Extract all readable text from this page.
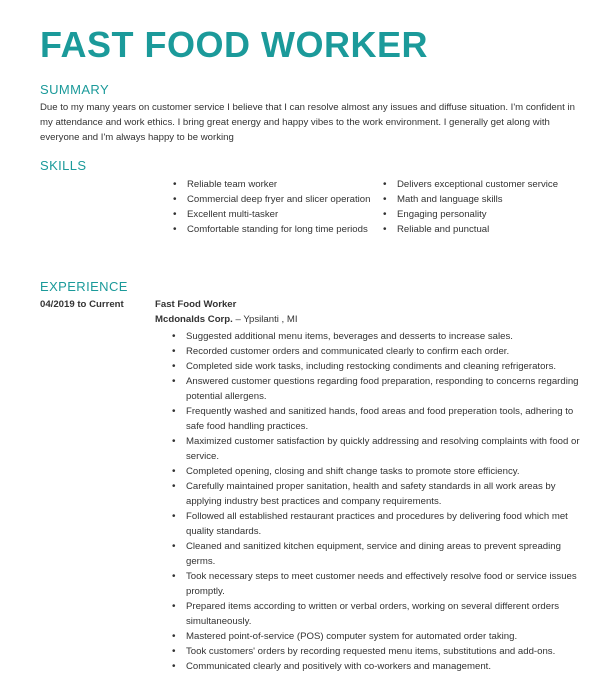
FAST FOOD WORKER
SUMMARY

Due to my many years on customer service I believe that I can resolve almost any issues and diffuse situation. I'm confident in my attendance and work ethics. I bring great energy and happy vibes to the work environment. I generally get along with everyone and I'm always happy to be working

SKILLS
• Reliable team worker
• Commercial deep fryer and slicer operation
• Excellent multi-tasker
• Comfortable standing for long time periods
• Delivers exceptional customer service
• Math and language skills
• Engaging personality
• Reliable and punctual
EXPERIENCE
04/2019 to Current	Fast Food Worker
Mcdonalds Corp. – Ypsilanti , MI
• Suggested additional menu items, beverages and desserts to increase sales.
• Recorded customer orders and communicated clearly to confirm each order.
• Completed side work tasks, including restocking condiments and cleaning refrigerators.
• Answered customer questions regarding food preparation, responding to concerns regarding potential allergens.
• Frequently washed and sanitized hands, food areas and food preperation tools, adhering to safe food handling practices.
• Maximized customer satisfaction by quickly addressing and resolving complaints with food or service.
• Completed opening, closing and shift change tasks to promote store efficiency.
• Carefully maintained proper sanitation, health and safety standards in all work areas by applying industry best practices and company requirements.
• Followed all established restaurant practices and procedures by delivering food which met quality standards.
• Cleaned and sanitized kitchen equipment, service and dining areas to prevent spreading germs.
• Took necessary steps to meet customer needs and effectively resolve food or service issues promptly.
• Prepared items according to written or verbal orders, working on several different orders simultaneously.
• Mastered point-of-service (POS) computer system for automated order taking.
• Took customers' orders by recording requested menu items, substitutions and add-ons.
• Communicated clearly and positively with co-workers and management.
